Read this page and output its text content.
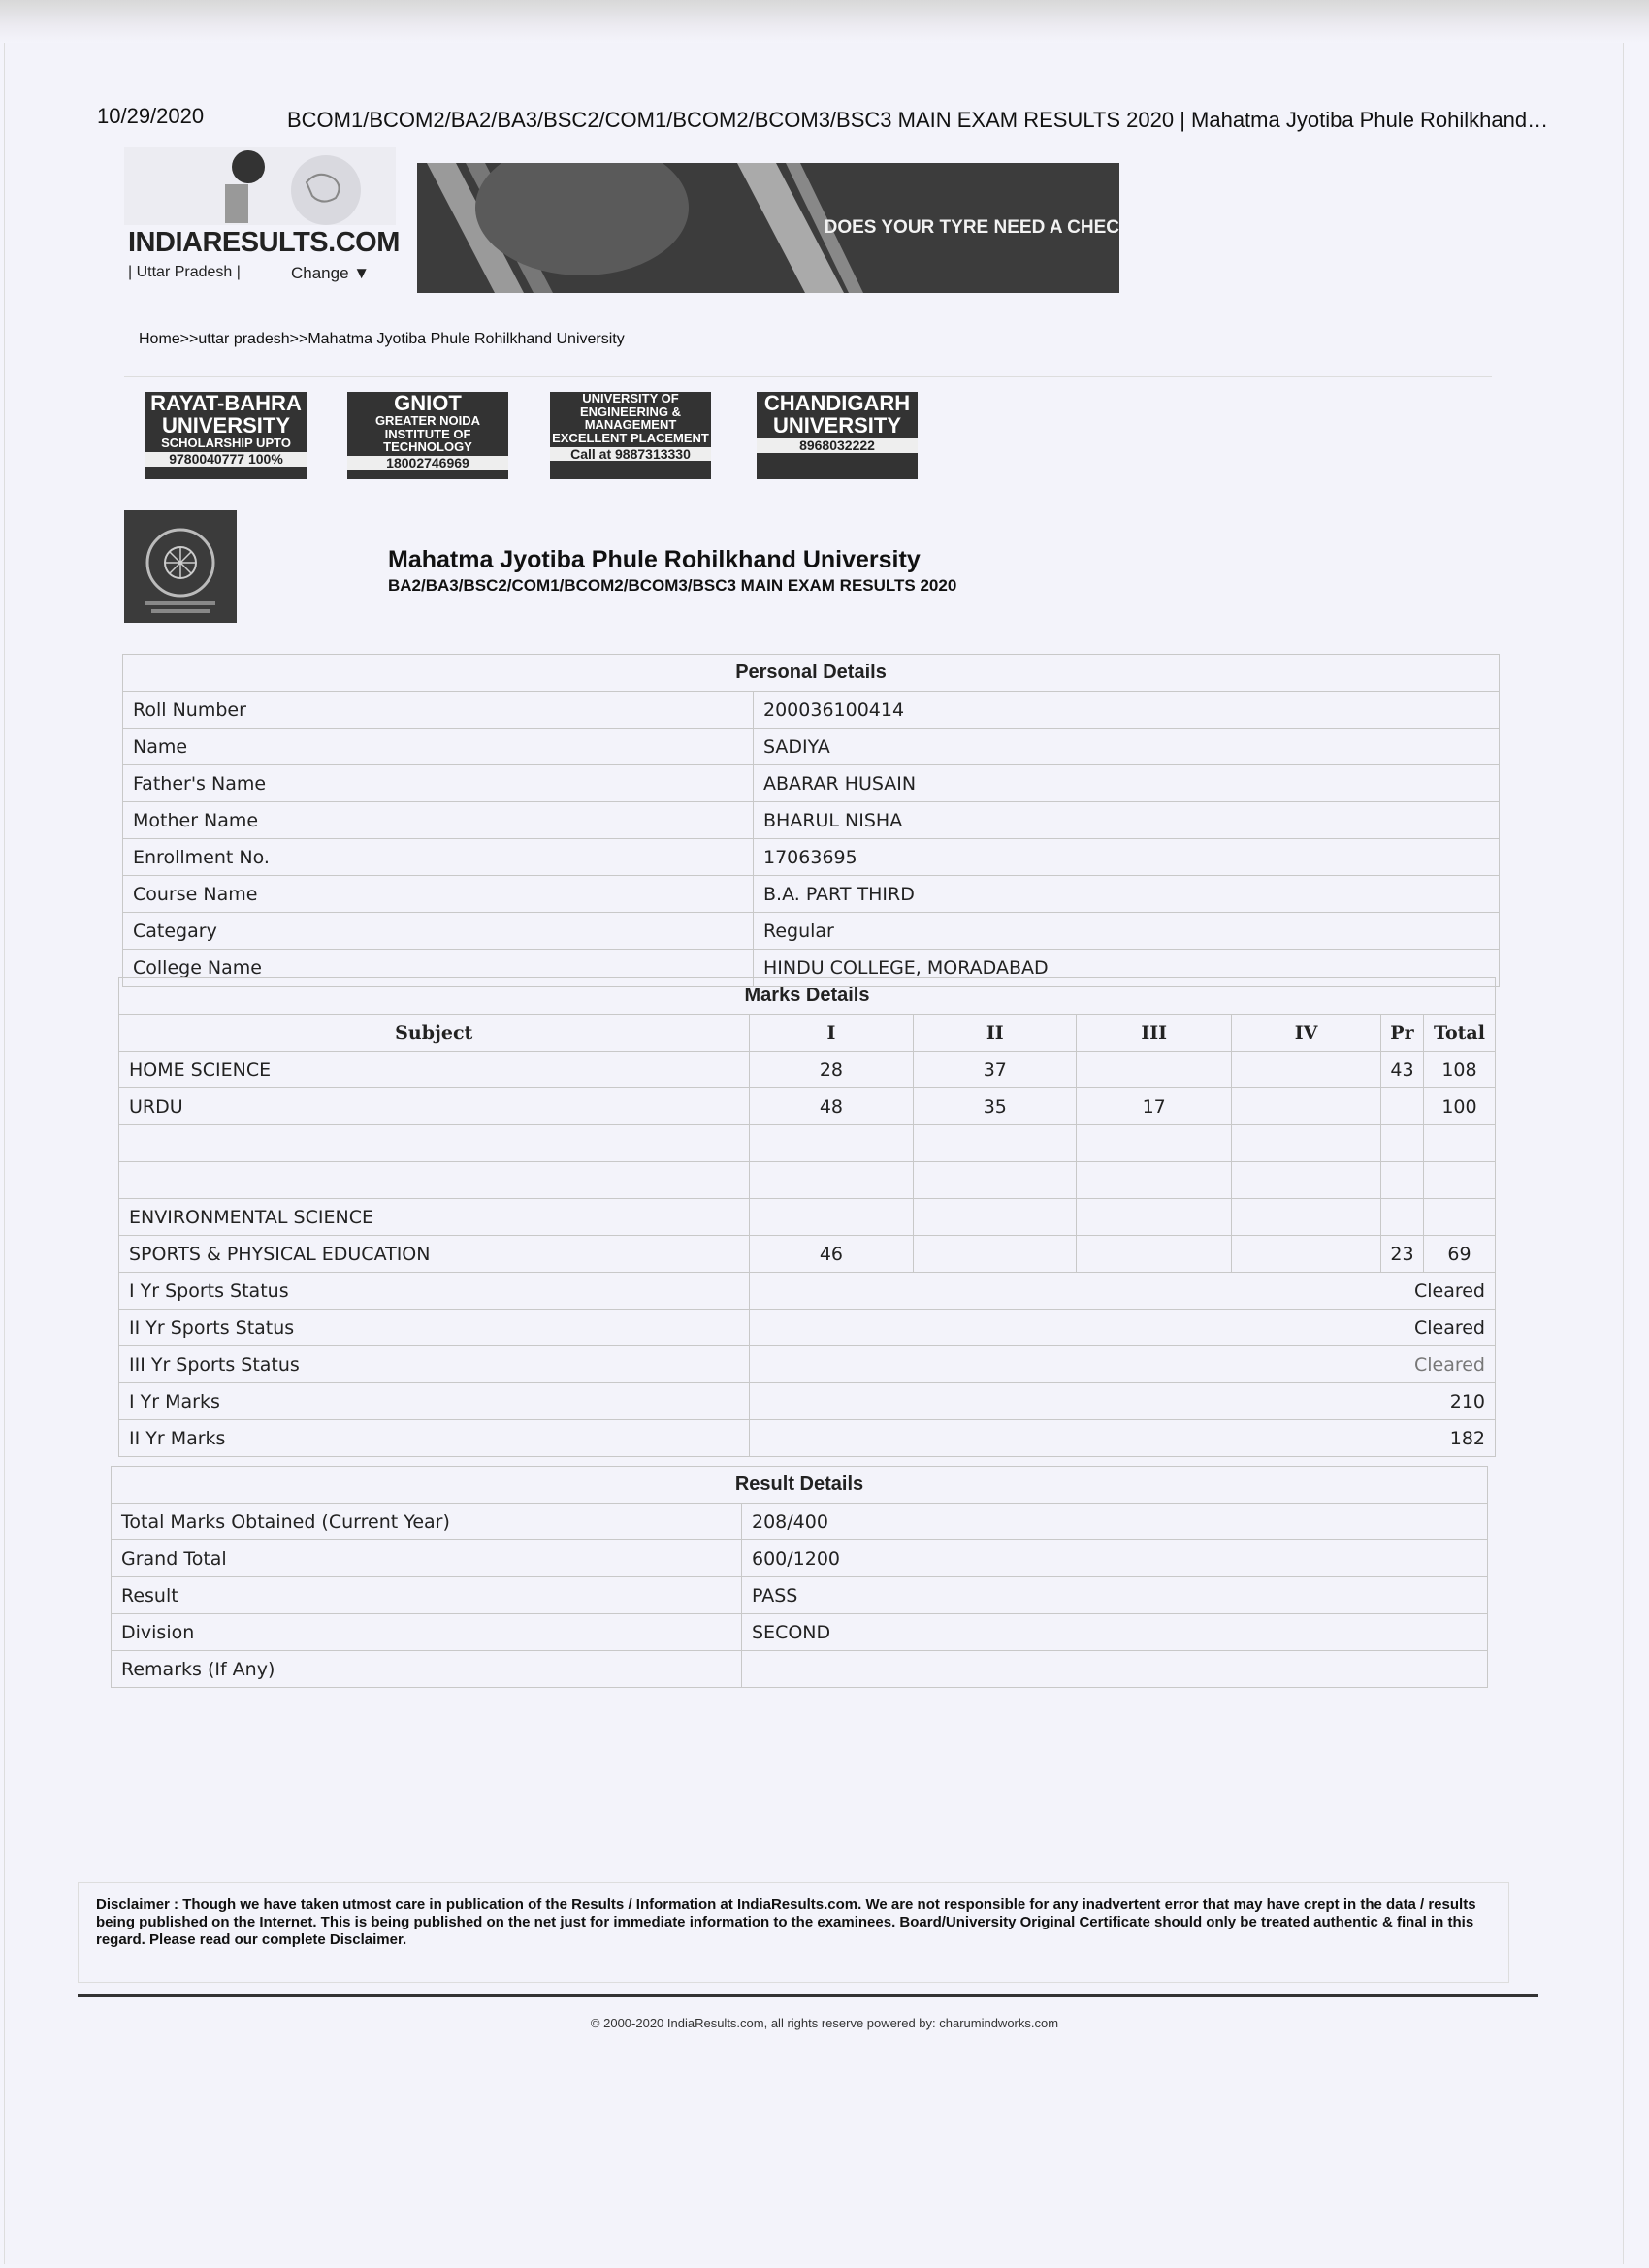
10/29/2020	BCOM1/BCOM2/BA2/BA3/BSC2/COM1/BCOM2/BCOM3/BSC3 MAIN EXAM RESULTS 2020 | Mahatma Jyotiba Phule Rohilkhand…
INDIARESULTS.COM
| Uttar Pradesh |	Change ▼
DOES YOUR TYRE NEED A CHEC
Home>>uttar pradesh>>Mahatma Jyotiba Phule Rohilkhand University
RAYAT-BAHRA UNIVERSITY
SCHOLARSHIP UPTO
9780040777 100%
GNIOT
GREATER NOIDA INSTITUTE OF TECHNOLOGY
18002746969
UNIVERSITY OF ENGINEERING & MANAGEMENT
EXCELLENT PLACEMENT
Call at 9887313330
CHANDIGARH UNIVERSITY
8968032222
Mahatma Jyotiba Phule Rohilkhand University
BA2/BA3/BSC2/COM1/BCOM2/BCOM3/BSC3 MAIN EXAM RESULTS 2020
Personal Details	
Roll Number	200036100414
Name	SADIYA
Father's Name	ABARAR HUSAIN
Mother Name	BHARUL NISHA
Enrollment No.	17063695
Course Name	B.A. PART THIRD
Categary	Regular
College Name	HINDU COLLEGE, MORADABAD
Marks Details						
Subject	I	II	III	IV	Pr	Total
HOME SCIENCE	28	37			43	108
URDU	48	35	17			100

ENVIRONMENTAL SCIENCE						
SPORTS & PHYSICAL EDUCATION	46				23	69
I Yr Sports Status	Cleared					
II Yr Sports Status	Cleared					
III Yr Sports Status	Cleared					
I Yr Marks	210					
II Yr Marks	182					
Result Details	
Total Marks Obtained (Current Year)	208/400
Grand Total	600/1200
Result	PASS
Division	SECOND
Remarks (If Any)	
Disclaimer : Though we have taken utmost care in publication of the Results / Information at IndiaResults.com. We are not responsible for any inadvertent error that may have crept in the data / results being published on the Internet. This is being published on the net just for immediate information to the examinees. Board/University Original Certificate should only be treated authentic & final in this regard. Please read our complete Disclaimer.
© 2000-2020 IndiaResults.com, all rights reserve powered by: charumindworks.com
